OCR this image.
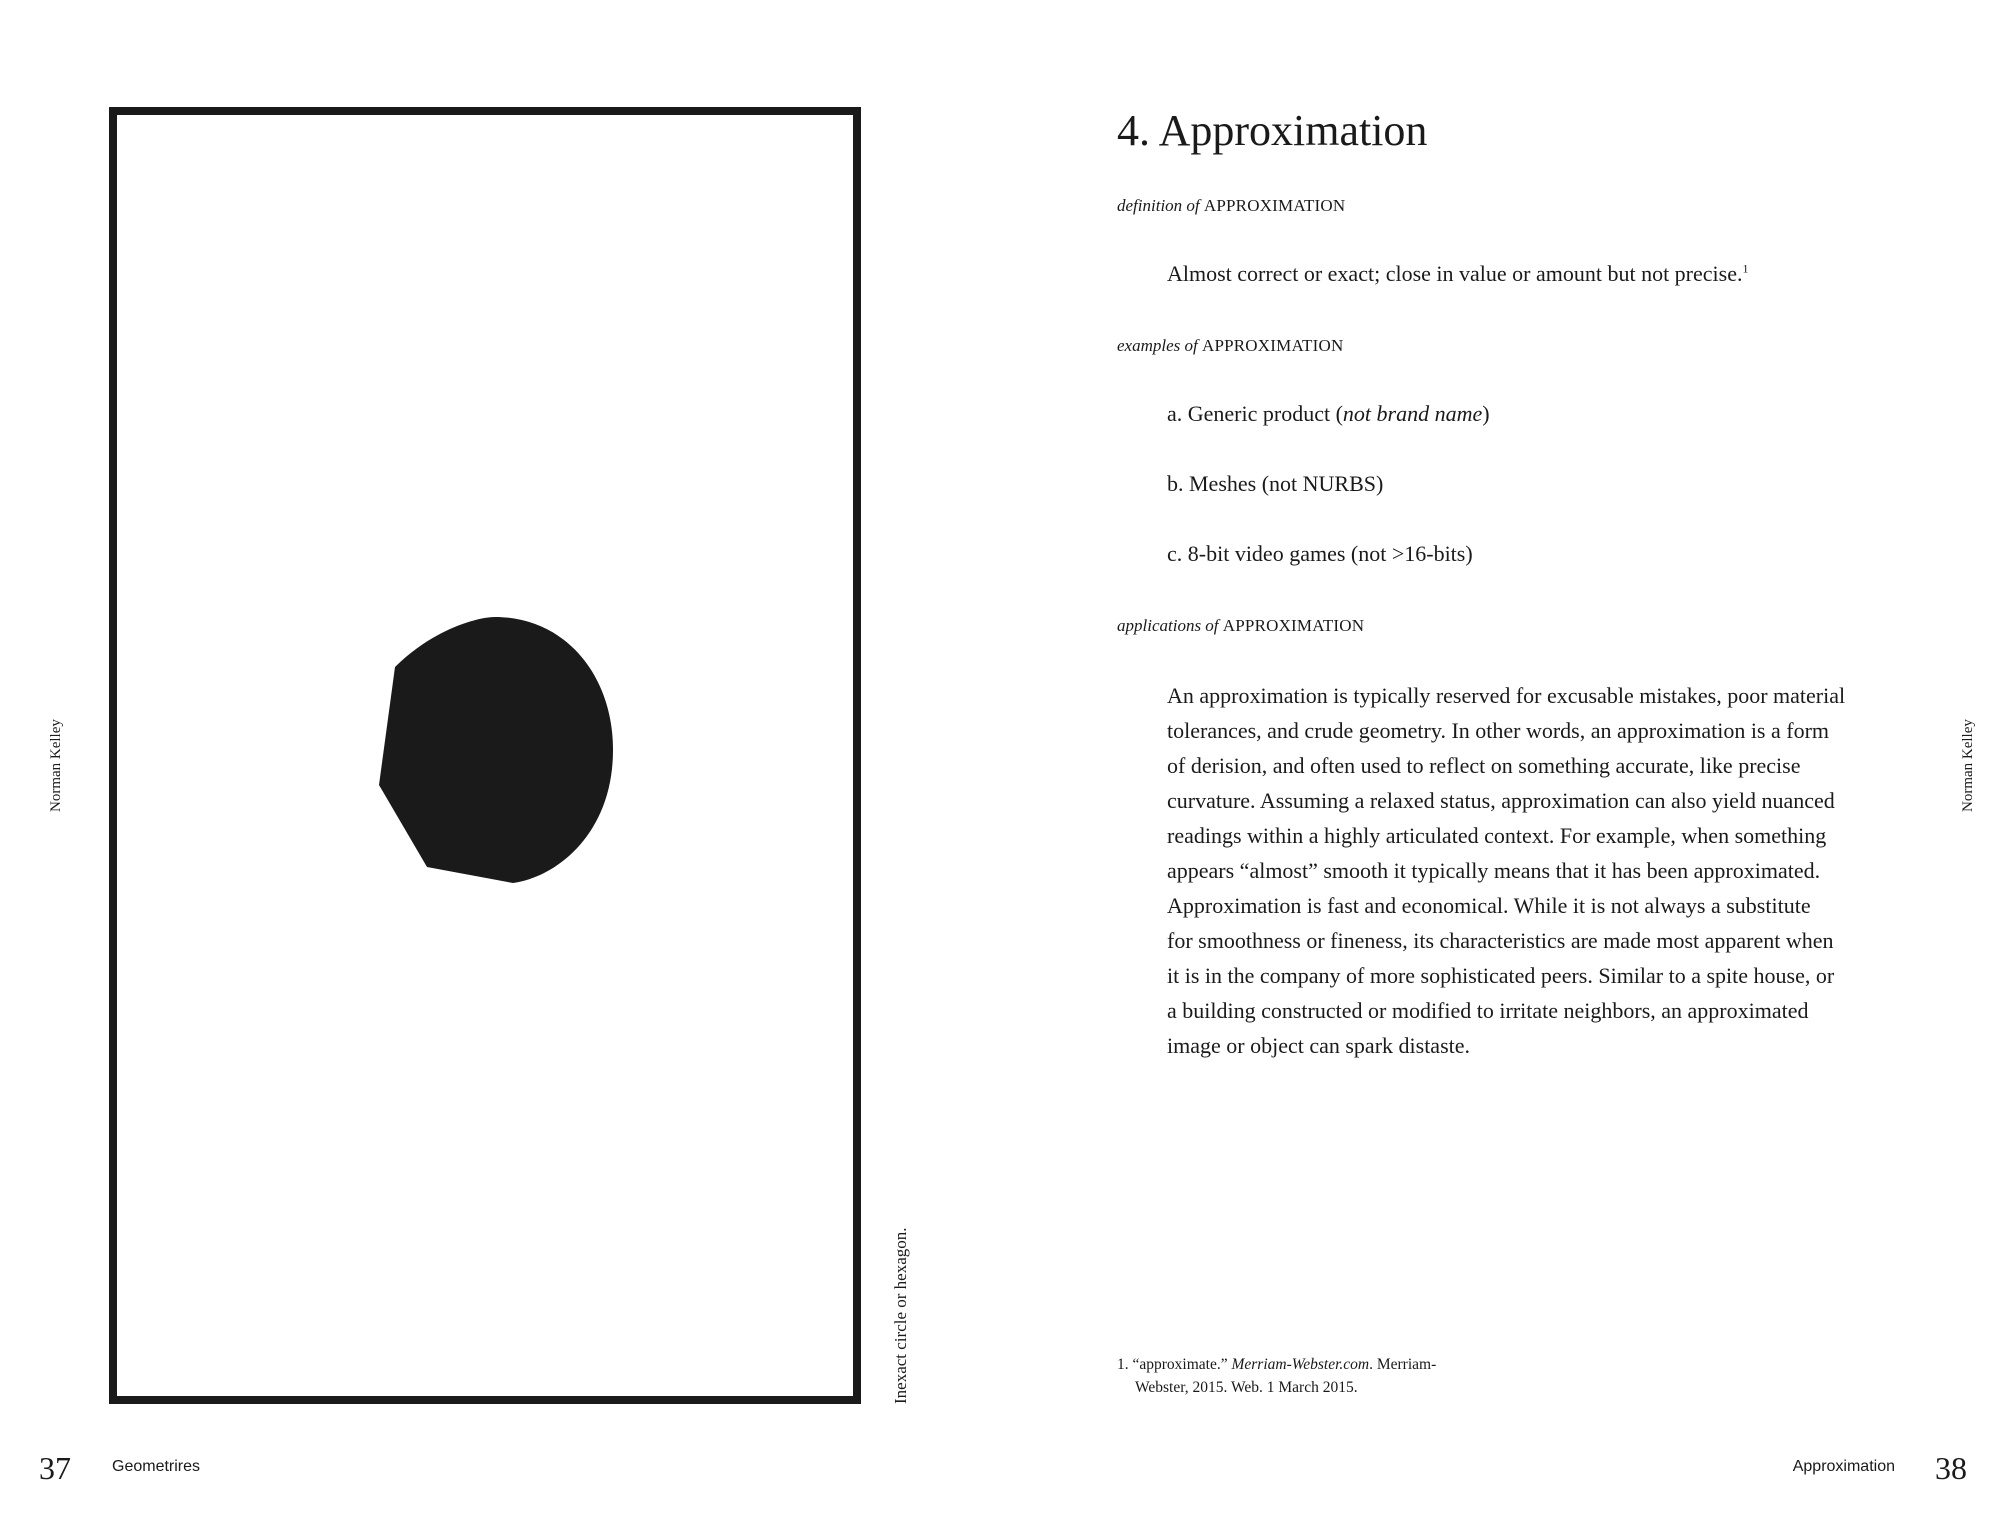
Inexact circle or hexagon.
Norman Kelley
37	Geometrires
4. Approximation
definition of APPROXIMATION
Almost correct or exact; close in value or amount but not precise.$^1$
examples of APPROXIMATION
a. Generic product (not brand name)
b. Meshes (not NURBS)
c. 8-bit video games (not >16-bits)
applications of APPROXIMATION
An approximation is typically reserved for excusable mistakes, poor material
tolerances, and crude geometry. In other words, an approximation is a form
of derision, and often used to reflect on something accurate, like precise
curvature. Assuming a relaxed status, approximation can also yield nuanced
readings within a highly articulated context. For example, when something
appears “almost” smooth it typically means that it has been approximated.
Approximation is fast and economical. While it is not always a substitute
for smoothness or fineness, its characteristics are made most apparent when
it is in the company of more sophisticated peers. Similar to a spite house, or
a building constructed or modified to irritate neighbors, an approximated
image or object can spark distaste.
1. “approximate.” Merriam-Webster.com. Merriam-
Webster, 2015. Web. 1 March 2015.
Norman Kelley
Approximation 38
